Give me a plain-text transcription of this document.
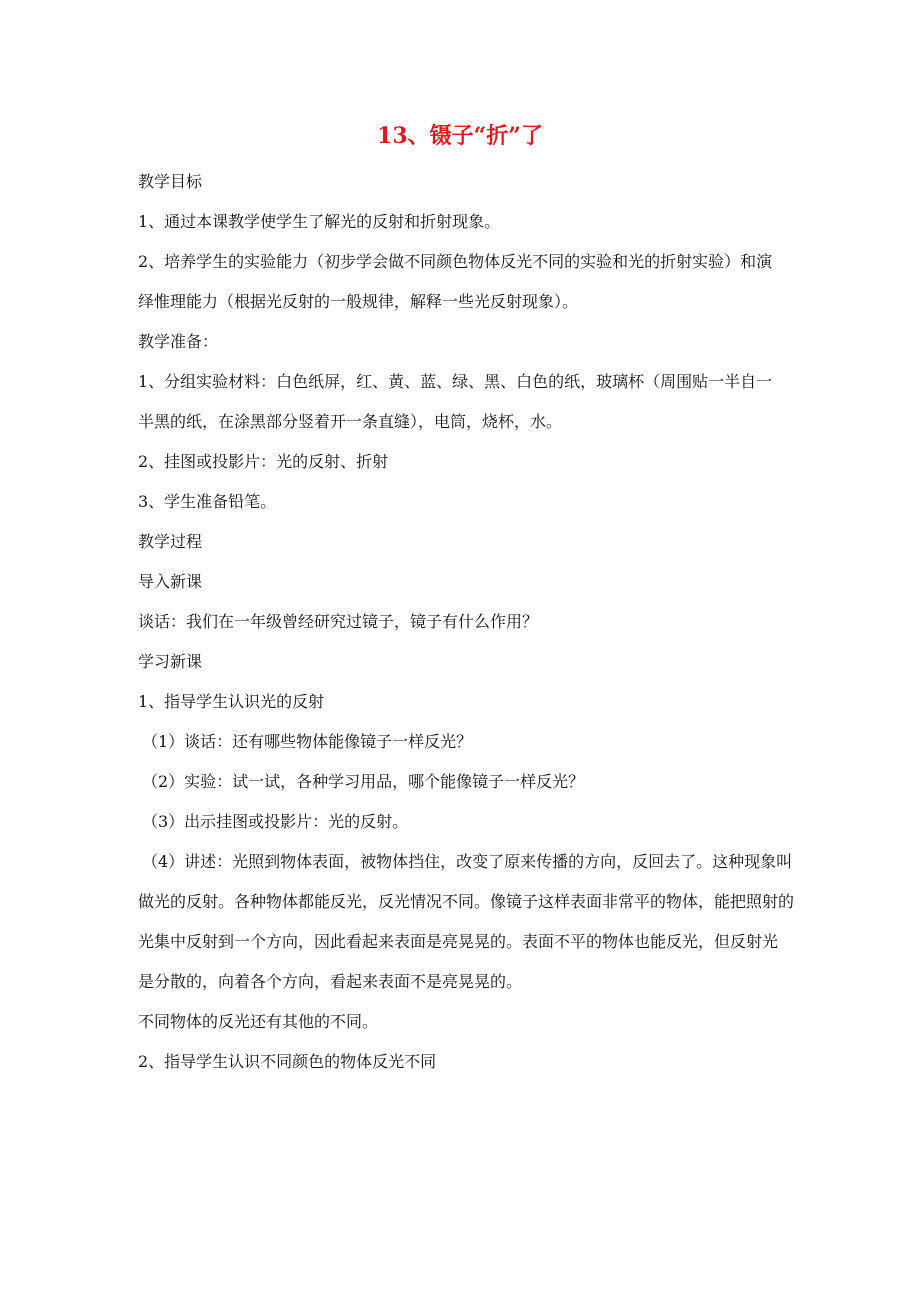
13、镊子“折”了
教学目标
1、通过本课教学使学生了解光的反射和折射现象。
2、培养学生的实验能力（初步学会做不同颜色物体反光不同的实验和光的折射实验）和演
绎惟理能力（根据光反射的一般规律，解释一些光反射现象）。
教学准备：
1、分组实验材料：白色纸屏，红、黄、蓝、绿、黑、白色的纸，玻璃杯（周围贴一半自一
半黑的纸，在涂黑部分竖着开一条直缝），电筒，烧杯，水。
2、挂图或投影片：光的反射、折射
3、学生准备铅笔。
教学过程
导入新课
谈话：我们在一年级曾经研究过镜子，镜子有什么作用？
学习新课
1、指导学生认识光的反射
（1）谈话：还有哪些物体能像镜子一样反光？
（2）实验：试一试，各种学习用品，哪个能像镜子一样反光？
（3）出示挂图或投影片：光的反射。
（4）讲述：光照到物体表面，被物体挡住，改变了原来传播的方向，反回去了。这种现象叫
做光的反射。各种物体都能反光，反光情况不同。像镜子这样表面非常平的物体，能把照射的
光集中反射到一个方向，因此看起来表面是亮晃晃的。表面不平的物体也能反光，但反射光
是分散的，向着各个方向，看起来表面不是亮晃晃的。
不同物体的反光还有其他的不同。
2、指导学生认识不同颜色的物体反光不同
